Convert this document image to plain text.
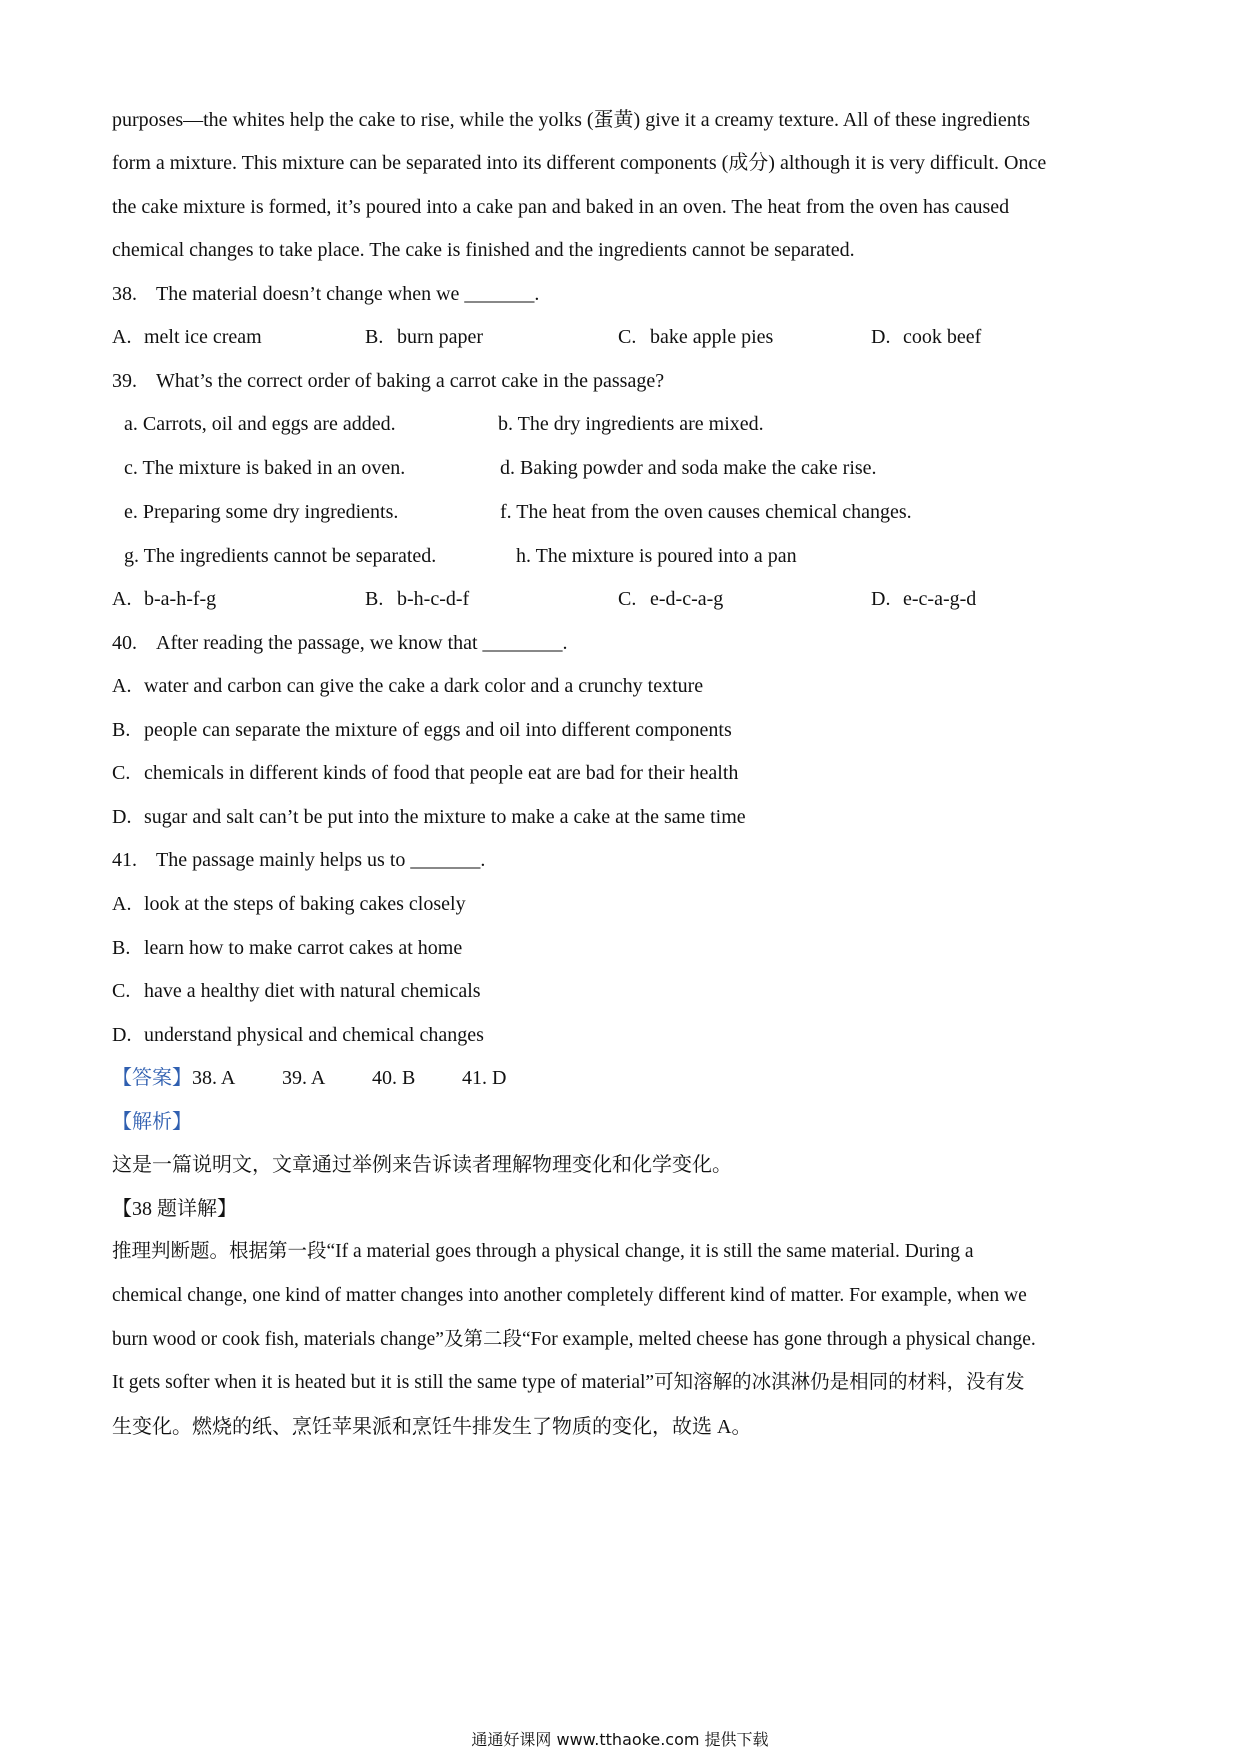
purposes—the whites help the cake to rise, while the yolks (蛋黄) give it a creamy texture. All of these ingredients
form a mixture. This mixture can be separated into its different components (成分) although it is very difficult. Once
the cake mixture is formed, it’s poured into a cake pan and baked in an oven. The heat from the oven has caused
chemical changes to take place. The cake is finished and the ingredients cannot be separated.
38. The material doesn’t change when we _______.
A. melt ice cream	B. burn paper	C. bake apple pies	D. cook beef
39. What’s the correct order of baking a carrot cake in the passage?
a. Carrots, oil and eggs are added.	b. The dry ingredients are mixed.
c. The mixture is baked in an oven.	d. Baking powder and soda make the cake rise.
e. Preparing some dry ingredients.	f. The heat from the oven causes chemical changes.
g. The ingredients cannot be separated.	h. The mixture is poured into a pan
A. b-a-h-f-g	B. b-h-c-d-f	C. e-d-c-a-g	D. e-c-a-g-d
40. After reading the passage, we know that ________.
A. water and carbon can give the cake a dark color and a crunchy texture
B. people can separate the mixture of eggs and oil into different components
C. chemicals in different kinds of food that people eat are bad for their health
D. sugar and salt can’t be put into the mixture to make a cake at the same time
41. The passage mainly helps us to _______.
A. look at the steps of baking cakes closely
B. learn how to make carrot cakes at home
C. have a healthy diet with natural chemicals
D. understand physical and chemical changes
【答案】38. A 39. A 40. B 41. D
【解析】
这是一篇说明文，文章通过举例来告诉读者理解物理变化和化学变化。
【38 题详解】
推理判断题。根据第一段“If a material goes through a physical change, it is still the same material. During a
chemical change, one kind of matter changes into another completely different kind of matter. For example, when we
burn wood or cook fish, materials change”及第二段“For example, melted cheese has gone through a physical change.
It gets softer when it is heated but it is still the same type of material”可知溶解的冰淇淋仍是相同的材料，没有发
生变化。燃烧的纸、烹饪苹果派和烹饪牛排发生了物质的变化，故选 A。
通通好课网 www.tthaoke.com 提供下载
